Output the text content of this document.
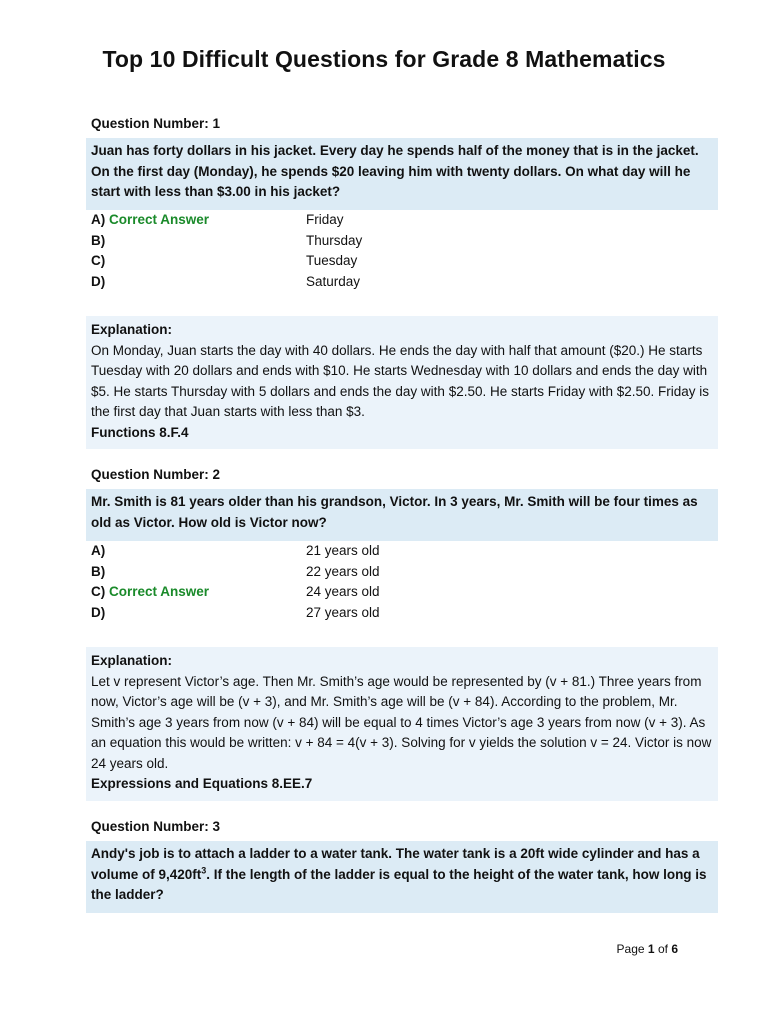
Top 10 Difficult Questions for Grade 8 Mathematics
Question Number: 1
Juan has forty dollars in his jacket. Every day he spends half of the money that is in the jacket. On the first day (Monday), he spends $20 leaving him with twenty dollars. On what day will he start with less than $3.00 in his jacket?
A) Correct Answer	Friday
B)	Thursday
C)	Tuesday
D)	Saturday
Explanation:
On Monday, Juan starts the day with 40 dollars. He ends the day with half that amount ($20.) He starts Tuesday with 20 dollars and ends with $10. He starts Wednesday with 10 dollars and ends the day with $5. He starts Thursday with 5 dollars and ends the day with $2.50. He starts Friday with $2.50. Friday is the first day that Juan starts with less than $3.
Functions 8.F.4
Question Number: 2
Mr. Smith is 81 years older than his grandson, Victor. In 3 years, Mr. Smith will be four times as old as Victor. How old is Victor now?
A)	21 years old
B)	22 years old
C) Correct Answer	24 years old
D)	27 years old
Explanation:
Let v represent Victor’s age. Then Mr. Smith’s age would be represented by (v + 81.) Three years from now, Victor’s age will be (v + 3), and Mr. Smith’s age will be (v + 84). According to the problem, Mr. Smith’s age 3 years from now (v + 84) will be equal to 4 times Victor’s age 3 years from now (v + 3). As an equation this would be written: v + 84 = 4(v + 3). Solving for v yields the solution v = 24. Victor is now 24 years old.
Expressions and Equations 8.EE.7
Question Number: 3
Andy's job is to attach a ladder to a water tank. The water tank is a 20ft wide cylinder and has a volume of $9,420ft^3$. If the length of the ladder is equal to the height of the water tank, how long is the ladder?
Page 1 of 6
